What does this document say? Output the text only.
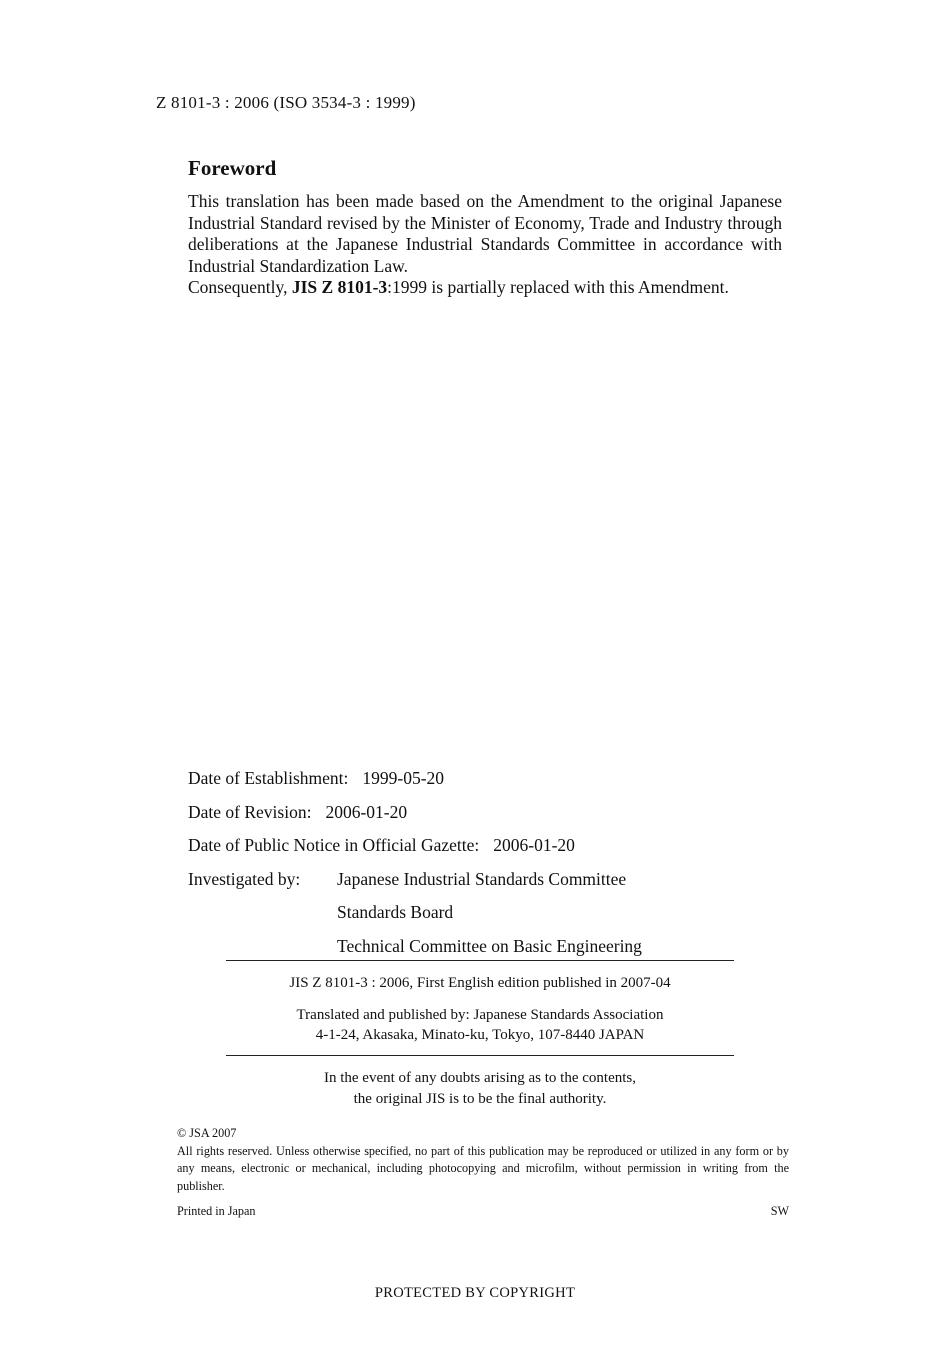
Z 8101-3 : 2006 (ISO 3534-3 : 1999)
Foreword

This translation has been made based on the Amendment to the original Japanese Industrial Standard revised by the Minister of Economy, Trade and Industry through deliberations at the Japanese Industrial Standards Committee in accordance with Industrial Standardization Law.

Consequently, JIS Z 8101-3:1999 is partially replaced with this Amendment.

Date of Establishment: 1999-05-20
Date of Revision: 2006-01-20
Date of Public Notice in Official Gazette: 2006-01-20
Investigated by:	Japanese Industrial Standards Committee
Standards Board
Technical Committee on Basic Engineering
JIS Z 8101-3 : 2006, First English edition published in 2007-04
Translated and published by: Japanese Standards Association
4-1-24, Akasaka, Minato-ku, Tokyo, 107-8440 JAPAN
In the event of any doubts arising as to the contents,
the original JIS is to be the final authority.

© JSA 2007

All rights reserved. Unless otherwise specified, no part of this publication may be reproduced or utilized in any form or by any means, electronic or mechanical, including photocopying and microfilm, without permission in writing from the publisher.

Printed in Japan	SW
PROTECTED BY COPYRIGHT
